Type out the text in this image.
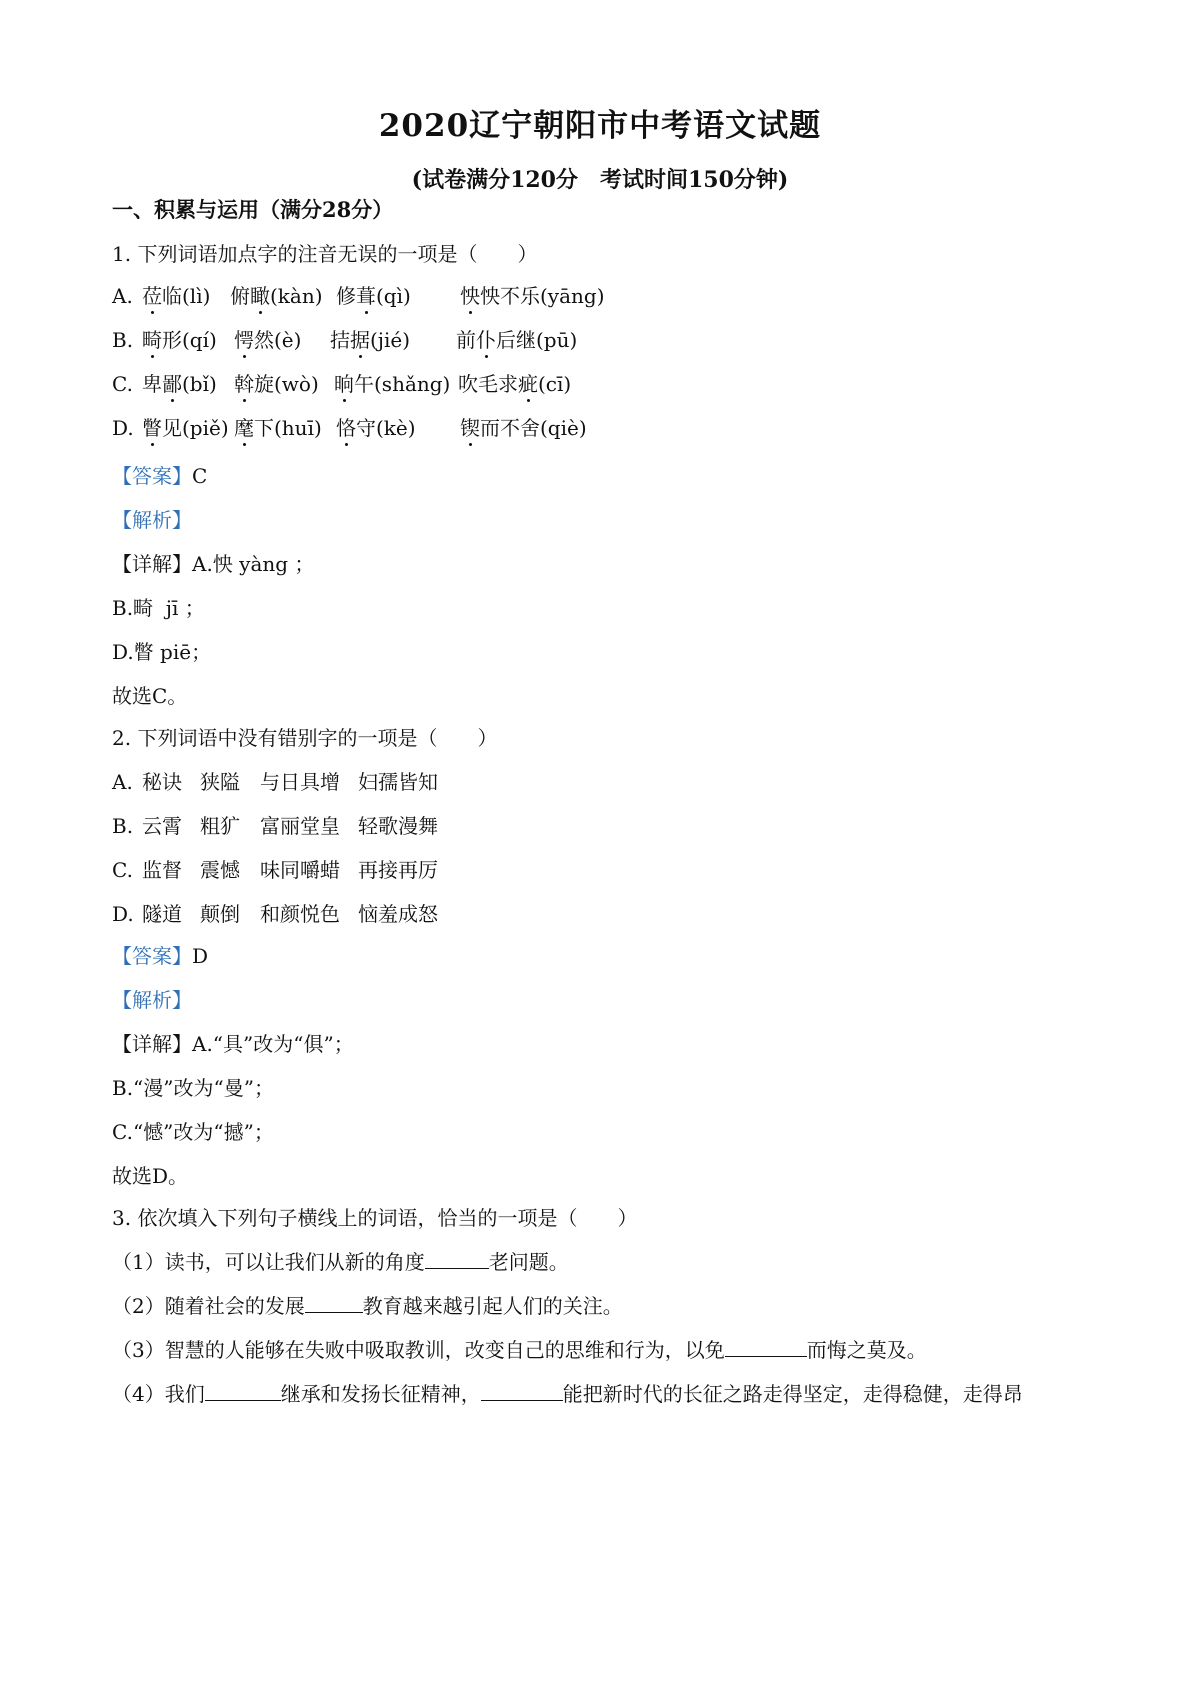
2020辽宁朝阳市中考语文试题
(试卷满分120分　考试时间150分钟)
一、积累与运用（满分28分）
1. 下列词语加点字的注音无误的一项是（　　）

A.

莅临(lì)

俯瞰(kàn)

修葺(qì)

怏怏不乐(yāng)

B.

畸形(qí)

愕然(è)

拮据(jié)

前仆后继(pū)

C.

卑鄙(bǐ)

斡旋(wò)

晌午(shǎng)

吹毛求疵(cī)

D.

瞥见(piě)

麾下(huī)

恪守(kè)

锲而不舍(qiè)

【答案】C
【解析】
【详解】A.怏 yàng ；
B.畸  jī ；
D.瞥 piē；
故选C。
2. 下列词语中没有错别字的一项是（　　）

A.

秘诀

狭隘

与日具增

妇孺皆知

B.

云霄

粗犷

富丽堂皇

轻歌漫舞

C.

监督

震憾

味同嚼蜡

再接再厉

D.

隧道

颠倒

和颜悦色

恼羞成怒

【答案】D
【解析】
【详解】A.“具”改为“俱”；
B.“漫”改为“曼”；
C.“憾”改为“撼”；
故选D。
3. 依次填入下列句子横线上的词语，恰当的一项是（　　）
（1）读书，可以让我们从新的角度	老问题。
（2）随着社会的发展	教育越来越引起人们的关注。
（3）智慧的人能够在失败中吸取教训，改变自己的思维和行为，以免	而悔之莫及。
（4）我们	继承和发扬长征精神，	能把新时代的长征之路走得坚定，走得稳健，走得昂
